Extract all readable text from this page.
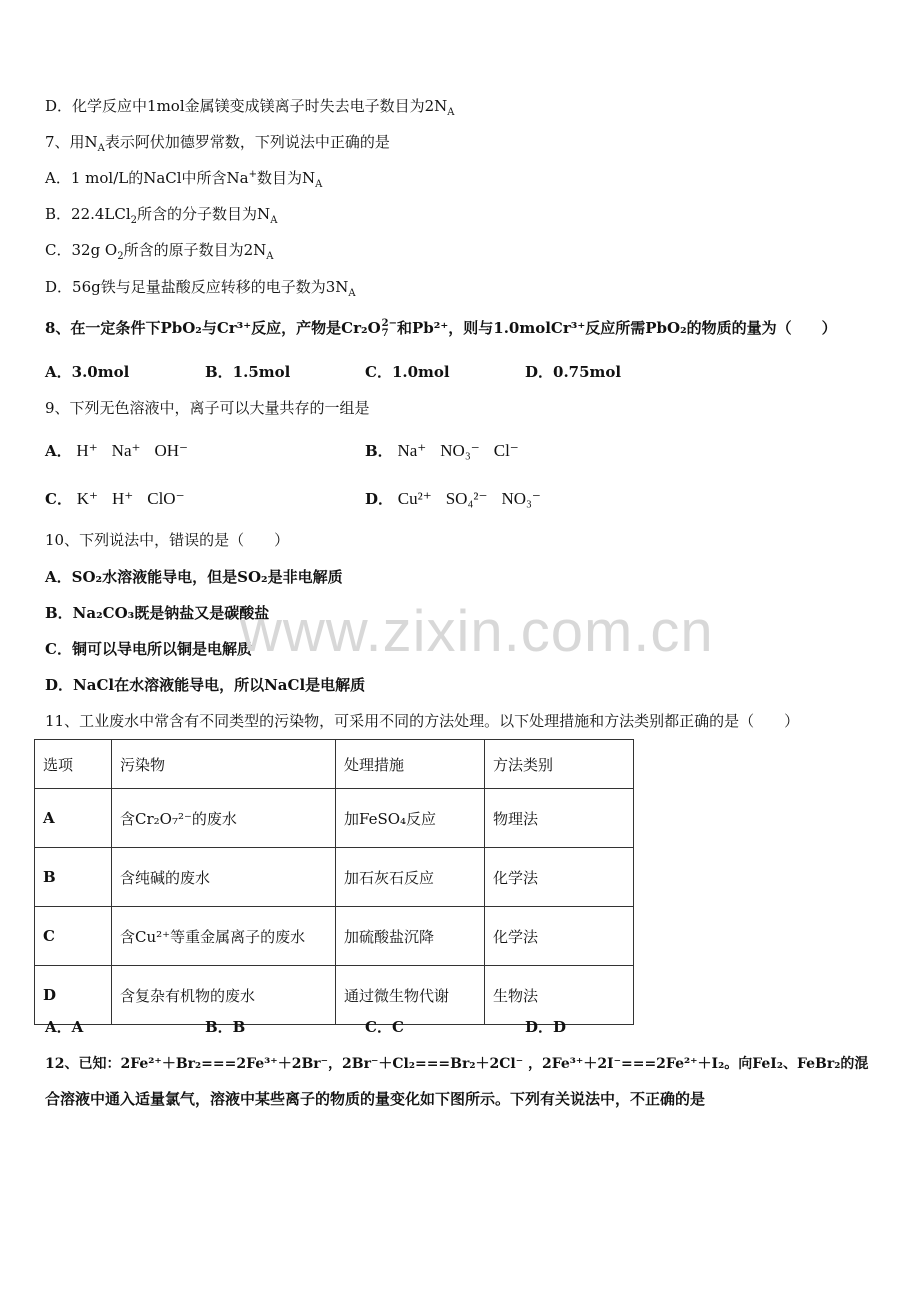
D．化学反应中1mol金属镁变成镁离子时失去电子数目为$2N_A$
7、用$N_A$表示阿伏加德罗常数，下列说法中正确的是
A．1 mol/L的NaCl中所含Na+数目为$N_A$
B．22.4LCl$_2$所含的分子数目为$N_A$
C．32g $O_2$所含的原子数目为$2N_A$
D．56g铁与足量盐酸反应转移的电子数为$3N_A$
8、在一定条件下PbO₂与Cr³⁺反应，产物是Cr₂O 2−
7 和Pb²⁺，则与1.0molCr³⁺反应所需PbO₂的物质的量为（　　）
A．3.0mol	B．1.5mol	C．1.0mol	D．0.75mol
9、下列无色溶液中，离子可以大量共存的一组是
A． H⁺ Na⁺ OH⁻	B． Na⁺ NO₃⁻ Cl⁻
C． K⁺ H⁺ ClO⁻	D． Cu²⁺ SO₄²⁻ NO₃⁻
10、下列说法中，错误的是（　　）
A．SO₂水溶液能导电，但是SO₂是非电解质
B．Na₂CO₃既是钠盐又是碳酸盐
C．铜可以导电所以铜是电解质
D．NaCl在水溶液能导电，所以NaCl是电解质
www.zixin.com.cn
11、工业废水中常含有不同类型的污染物，可采用不同的方法处理。以下处理措施和方法类别都正确的是（　　）
选项	污染物	处理措施	方法类别
A	含Cr₂O₇²⁻的废水	加FeSO₄反应	物理法
B	含纯碱的废水	加石灰石反应	化学法
C	含Cu²⁺等重金属离子的废水	加硫酸盐沉降	化学法
D	含复杂有机物的废水	通过微生物代谢	生物法
A．A	B．B	C．C	D．D
12、已知：2Fe²⁺＋Br₂===2Fe³⁺＋2Br⁻，2Br⁻＋Cl₂===Br₂＋2Cl⁻ ，2Fe³⁺＋2I⁻===2Fe²⁺＋I₂。向FeI₂、FeBr₂的混
合溶液中通入适量氯气，溶液中某些离子的物质的量变化如下图所示。下列有关说法中，不正确的是
